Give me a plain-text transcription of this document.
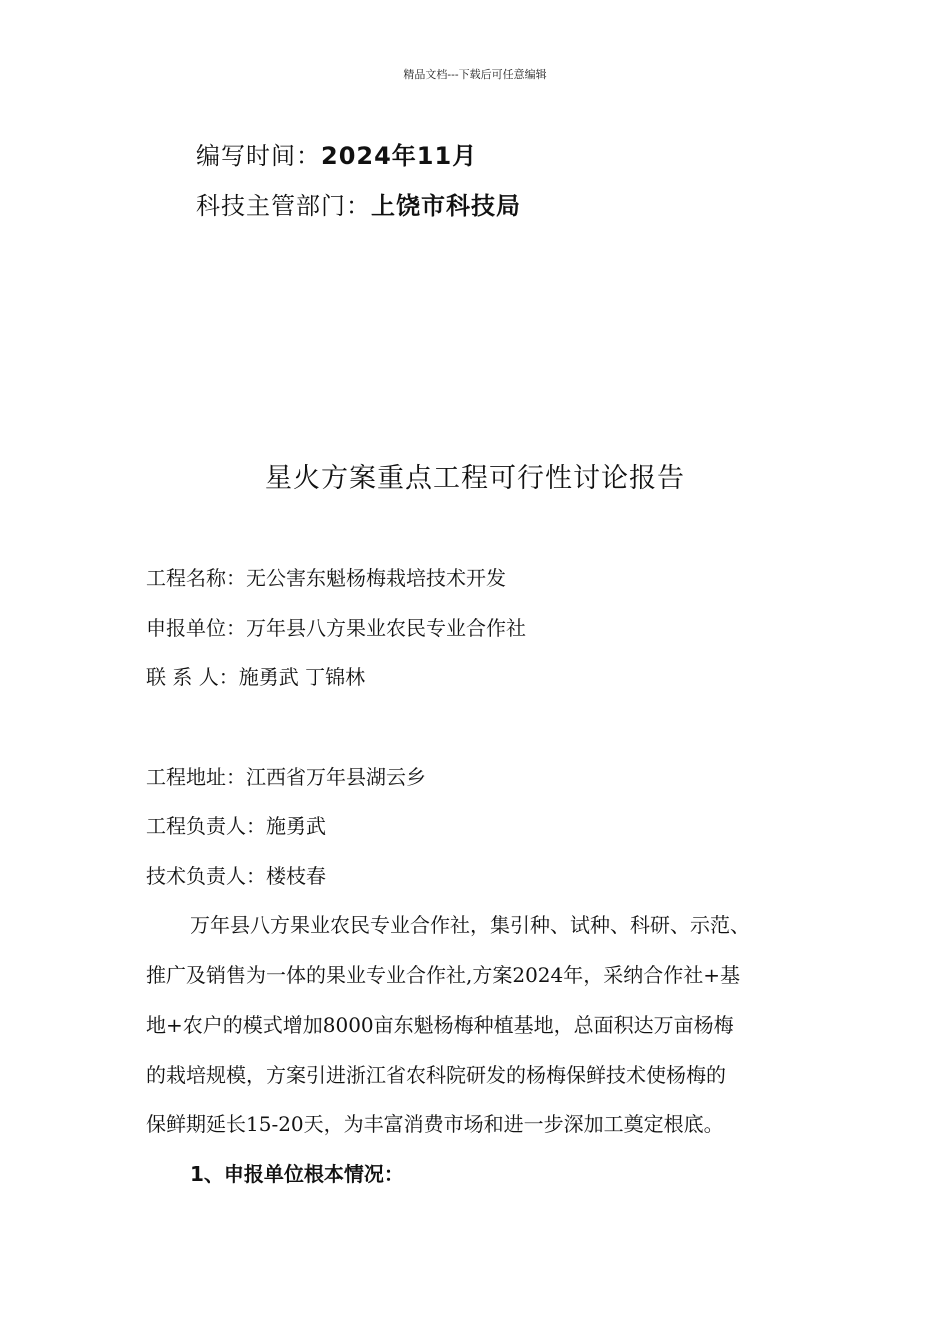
精品文档---下载后可任意编辑
编写时间：2024年11月
科技主管部门：上饶市科技局
星火方案重点工程可行性讨论报告
工程名称：无公害东魁杨梅栽培技术开发
申报单位：万年县八方果业农民专业合作社
联 系 人：施勇武 丁锦林
工程地址：江西省万年县湖云乡
工程负责人：施勇武
技术负责人：楼枝春
万年县八方果业农民专业合作社，集引种、试种、科研、示范、
推广及销售为一体的果业专业合作社,方案2024年，采纳合作社+基
地+农户的模式增加8000亩东魁杨梅种植基地，总面积达万亩杨梅
的栽培规模，方案引进浙江省农科院研发的杨梅保鲜技术使杨梅的
保鲜期延长15-20天，为丰富消费市场和进一步深加工奠定根底。
1、申报单位根本情况：
